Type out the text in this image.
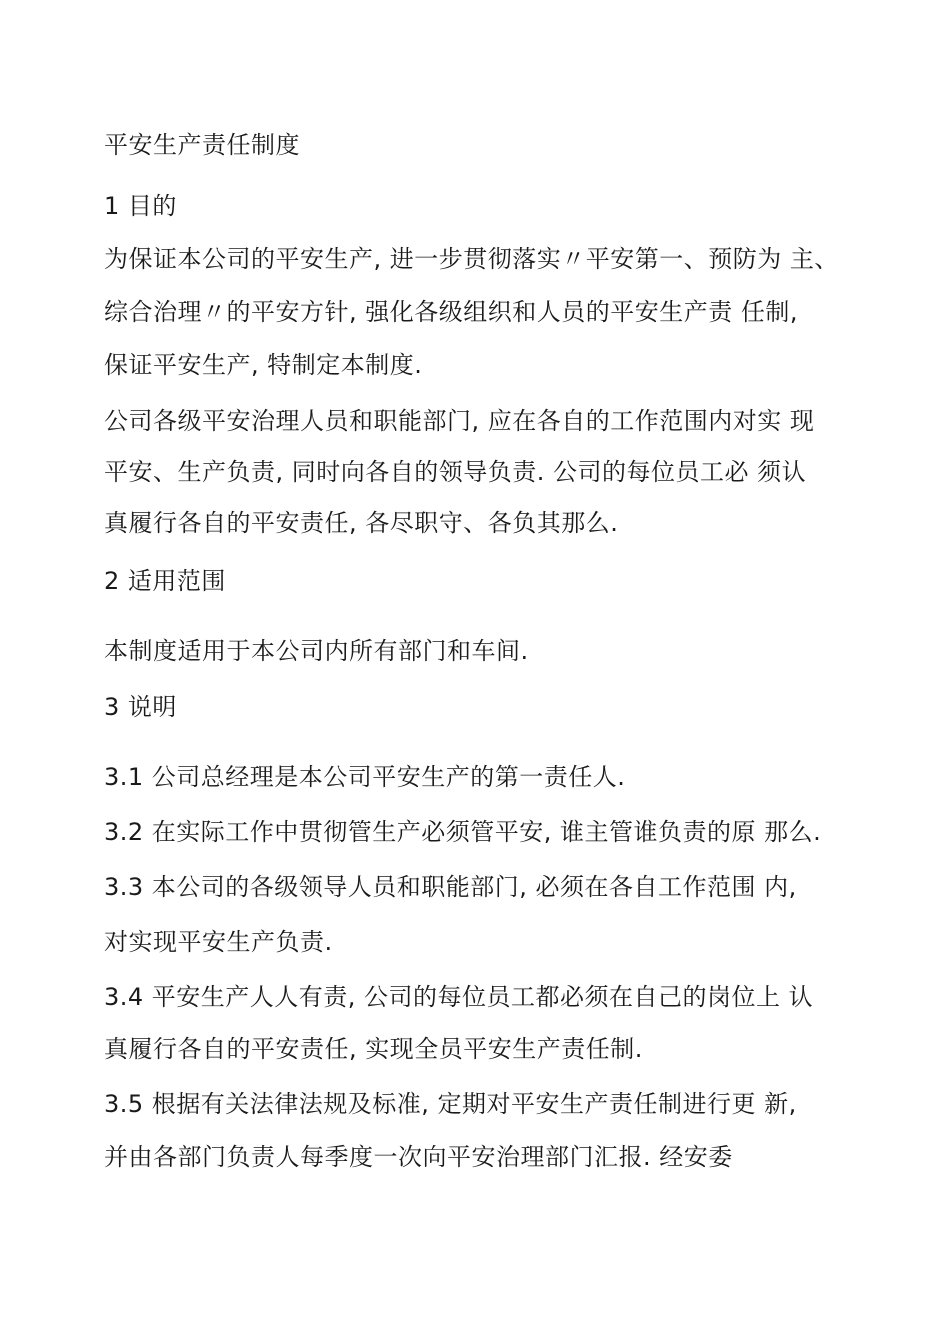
平安生产责任制度
1 目的
为保证本公司的平安生产, 进一步贯彻落实〃平安第一、预防为 主、
综合治理〃的平安方针, 强化各级组织和人员的平安生产责 任制,
保证平安生产, 特制定本制度.
公司各级平安治理人员和职能部门, 应在各自的工作范围内对实 现
平安、生产负责, 同时向各自的领导负责. 公司的每位员工必 须认
真履行各自的平安责任, 各尽职守、各负其那么.
2 适用范围
本制度适用于本公司内所有部门和车间.
3 说明
3.1 公司总经理是本公司平安生产的第一责任人.
3.2 在实际工作中贯彻管生产必须管平安, 谁主管谁负责的原 那么.
3.3 本公司的各级领导人员和职能部门, 必须在各自工作范围 内,
对实现平安生产负责.
3.4 平安生产人人有责, 公司的每位员工都必须在自己的岗位上 认
真履行各自的平安责任, 实现全员平安生产责任制.
3.5 根据有关法律法规及标准, 定期对平安生产责任制进行更 新,
并由各部门负责人每季度一次向平安治理部门汇报. 经安委
